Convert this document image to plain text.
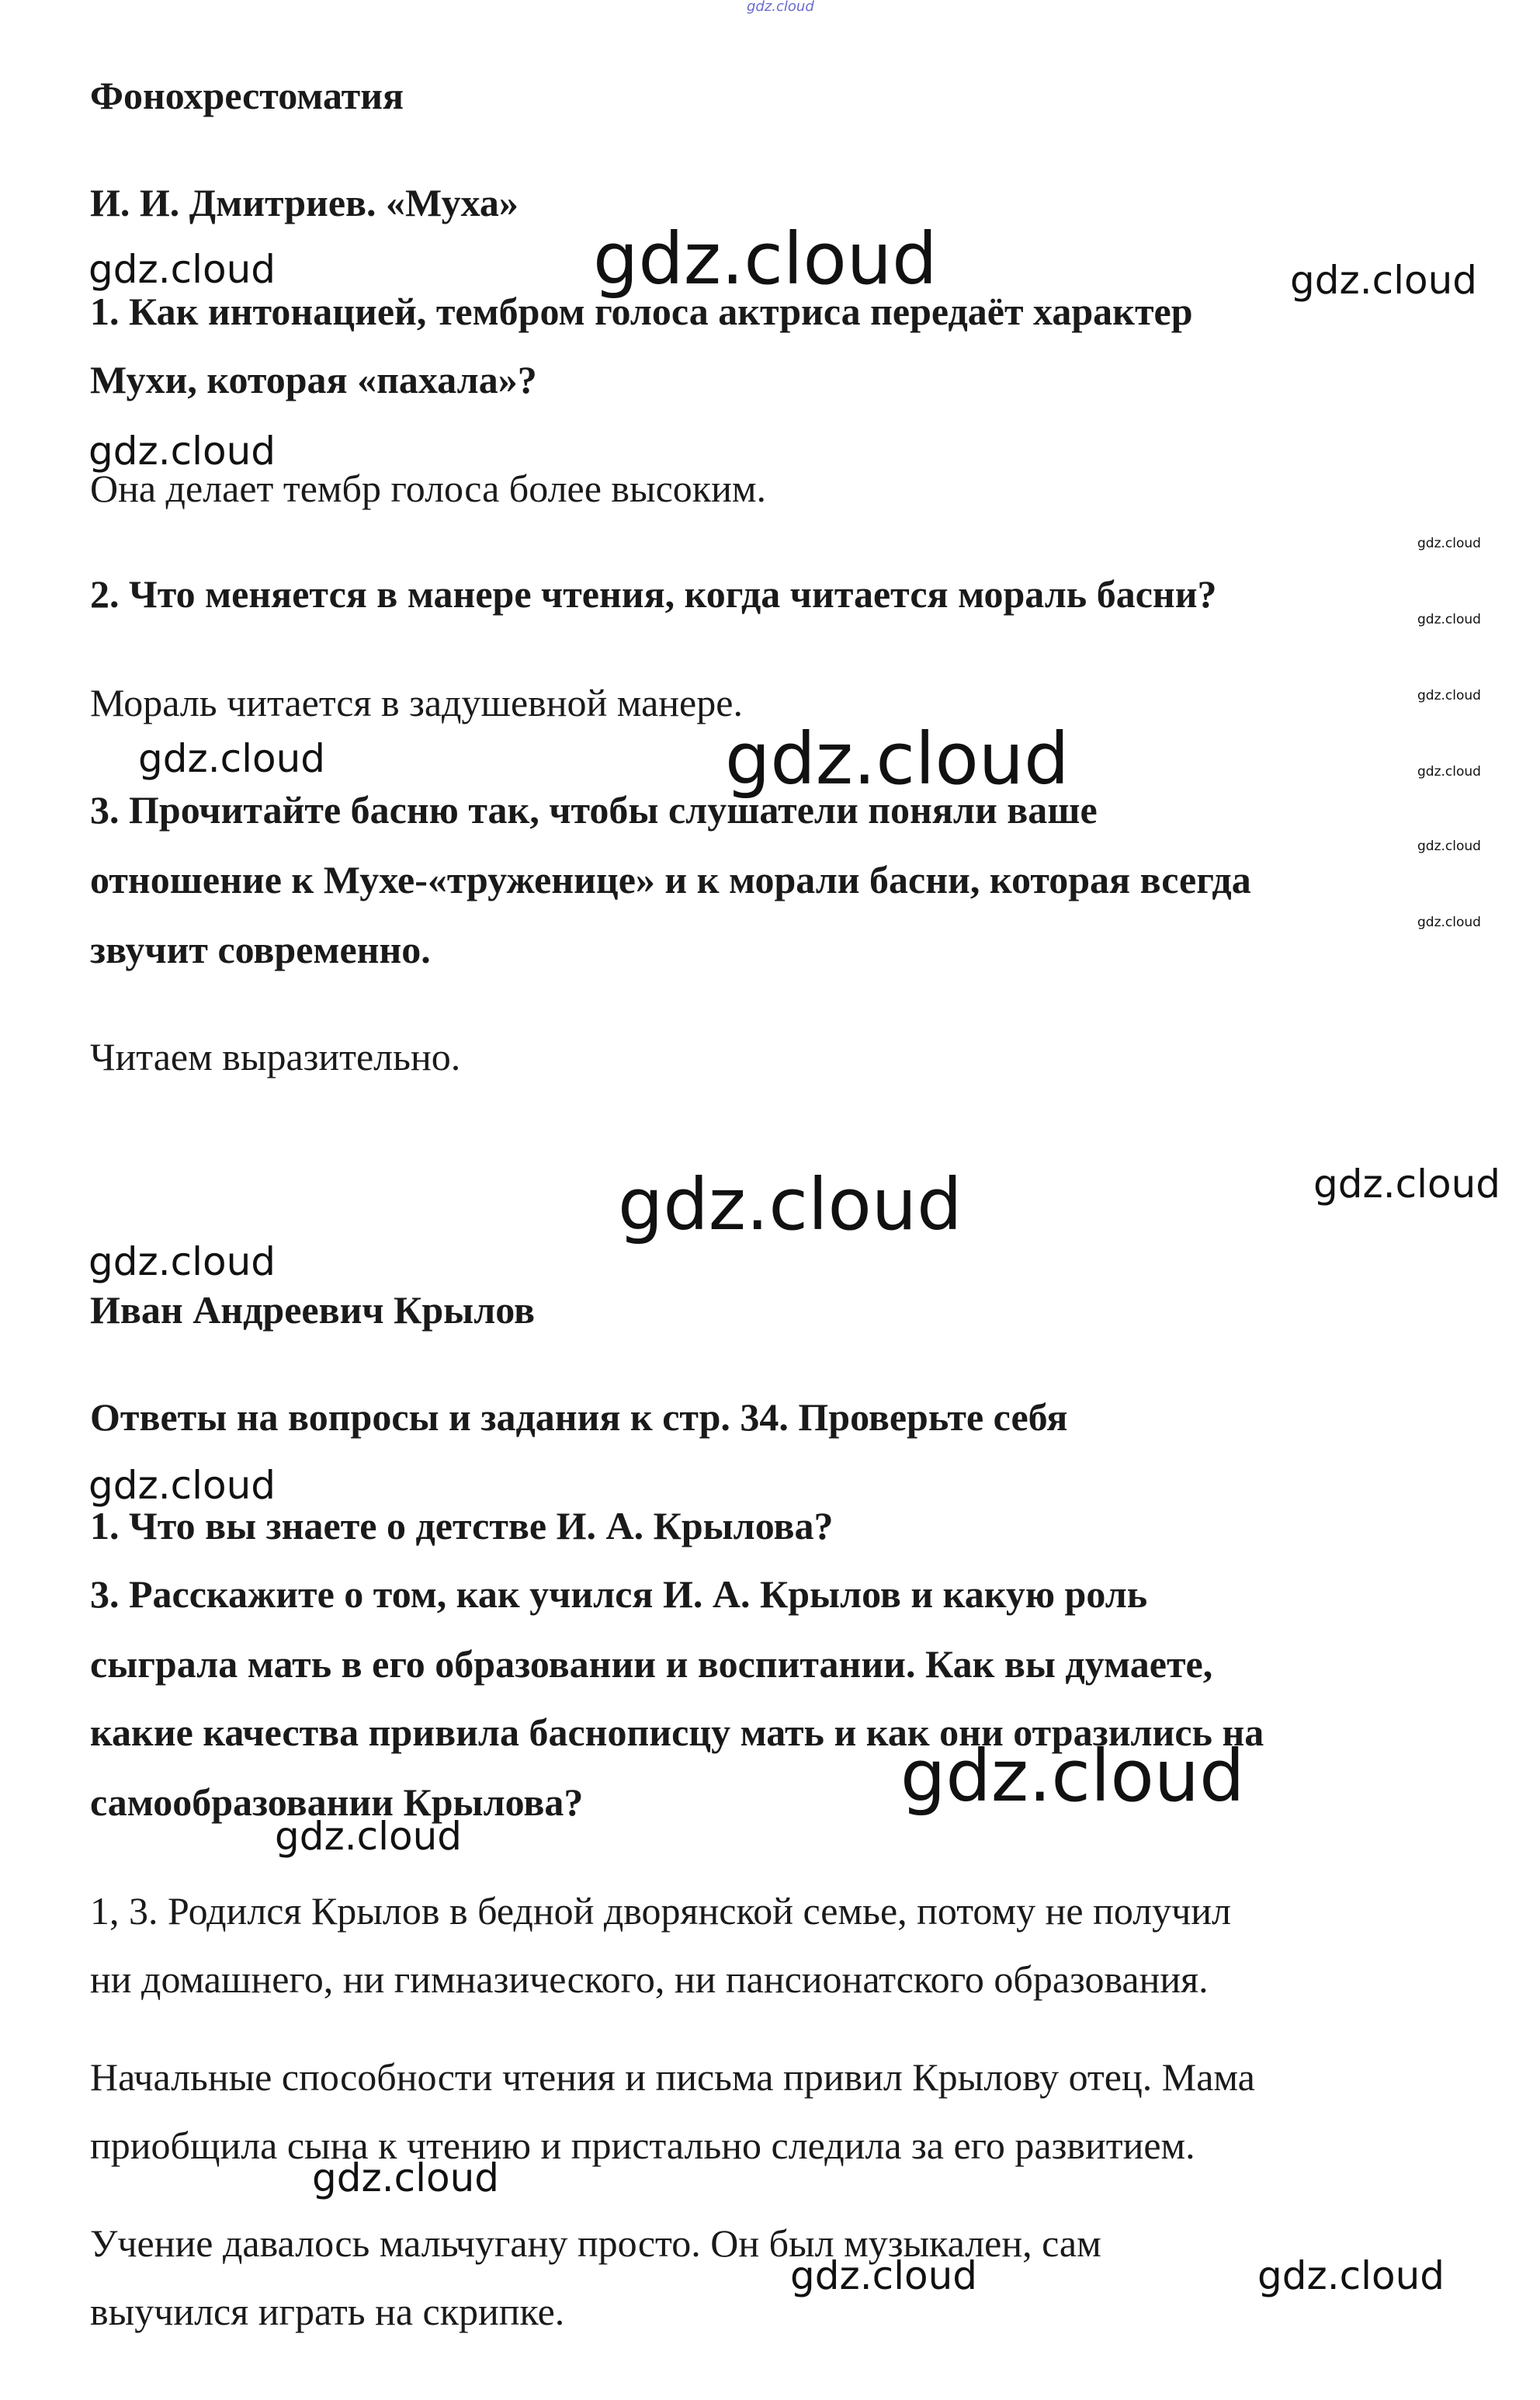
Фонохрестоматия

И. И. Дмитриев. «Муха»

1. Как интонацией, тембром голоса актриса передаёт характер

Мухи, которая «пахала»?

Она делает тембр голоса более высоким.

2. Что меняется в манере чтения, когда читается мораль басни?

Мораль читается в задушевной манере.

3. Прочитайте басню так, чтобы слушатели поняли ваше

отношение к Мухе-«труженице» и к морали басни, которая всегда

звучит современно.

Читаем выразительно.

Иван Андреевич Крылов

Ответы на вопросы и задания к стр. 34. Проверьте себя

1. Что вы знаете о детстве И. А. Крылова?

3. Расскажите о том, как учился И. А. Крылов и какую роль

сыграла мать в его образовании и воспитании. Как вы думаете,

какие качества привила баснописцу мать и как они отразились на

самообразовании Крылова?

1, 3. Родился Крылов в бедной дворянской семье, потому не получил

ни домашнего, ни гимназического, ни пансионатского образования.

Начальные способности чтения и письма привил Крылову отец. Мама

приобщила сына к чтению и пристально следила за его развитием.

Учение давалось мальчугану просто. Он был музыкален, сам

выучился играть на скрипке.

gdz.cloud
gdz.cloud	gdz.cloud	gdz.cloud
gdz.cloud
gdz.cloud
gdz.cloud
gdz.cloud
gdz.cloud
gdz.cloud
gdz.cloud
gdz.cloud	gdz.cloud
gdz.cloud	gdz.cloud
gdz.cloud
gdz.cloud
gdz.cloud
gdz.cloud
gdz.cloud
gdz.cloud	gdz.cloud
